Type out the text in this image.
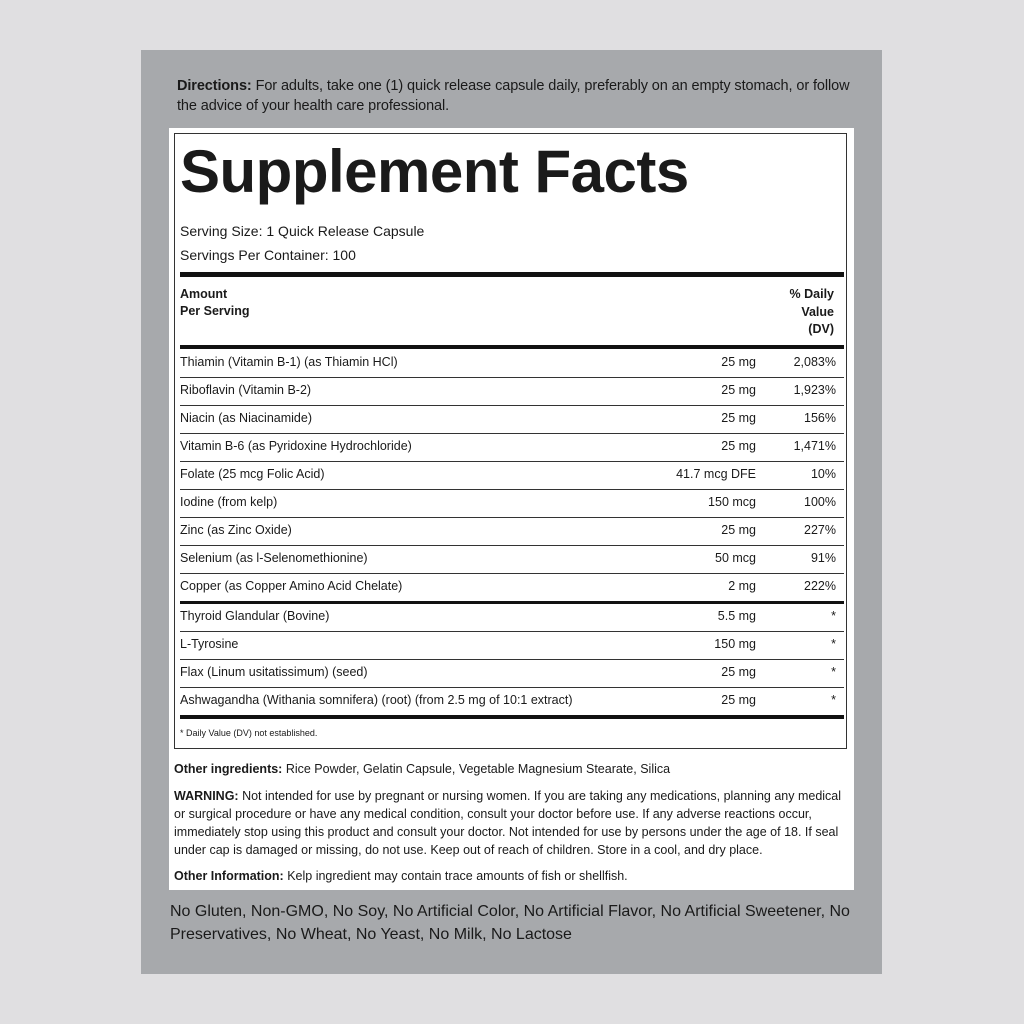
Directions: For adults, take one (1) quick release capsule daily, preferably on an empty stomach, or follow the advice of your health care professional.
Supplement Facts
Serving Size: 1 Quick Release Capsule
Servings Per Container: 100
Amount
Per Serving
% Daily
Value
(DV)
Thiamin (Vitamin B-1) (as Thiamin HCl)	25 mg	2,083%
Riboflavin (Vitamin B-2)	25 mg	1,923%
Niacin (as Niacinamide)	25 mg	156%
Vitamin B-6 (as Pyridoxine Hydrochloride)	25 mg	1,471%
Folate (25 mcg Folic Acid)	41.7 mcg DFE	10%
Iodine (from kelp)	150 mcg	100%
Zinc (as Zinc Oxide)	25 mg	227%
Selenium (as l-Selenomethionine)	50 mcg	91%
Copper (as Copper Amino Acid Chelate)	2 mg	222%
Thyroid Glandular (Bovine)	5.5 mg	*
L-Tyrosine	150 mg	*
Flax (Linum usitatissimum) (seed)	25 mg	*
Ashwagandha (Withania somnifera) (root) (from 2.5 mg of 10:1 extract)	25 mg	*
* Daily Value (DV) not established.
Other ingredients: Rice Powder, Gelatin Capsule, Vegetable Magnesium Stearate, Silica
WARNING: Not intended for use by pregnant or nursing women. If you are taking any medications, planning any medical or surgical procedure or have any medical condition, consult your doctor before use. If any adverse reactions occur, immediately stop using this product and consult your doctor. Not intended for use by persons under the age of 18. If seal under cap is damaged or missing, do not use. Keep out of reach of children. Store in a cool, and dry place.
Other Information: Kelp ingredient may contain trace amounts of fish or shellfish.
No Gluten, Non-GMO, No Soy, No Artificial Color, No Artificial Flavor, No Artificial Sweetener, No Preservatives, No Wheat, No Yeast, No Milk, No Lactose
